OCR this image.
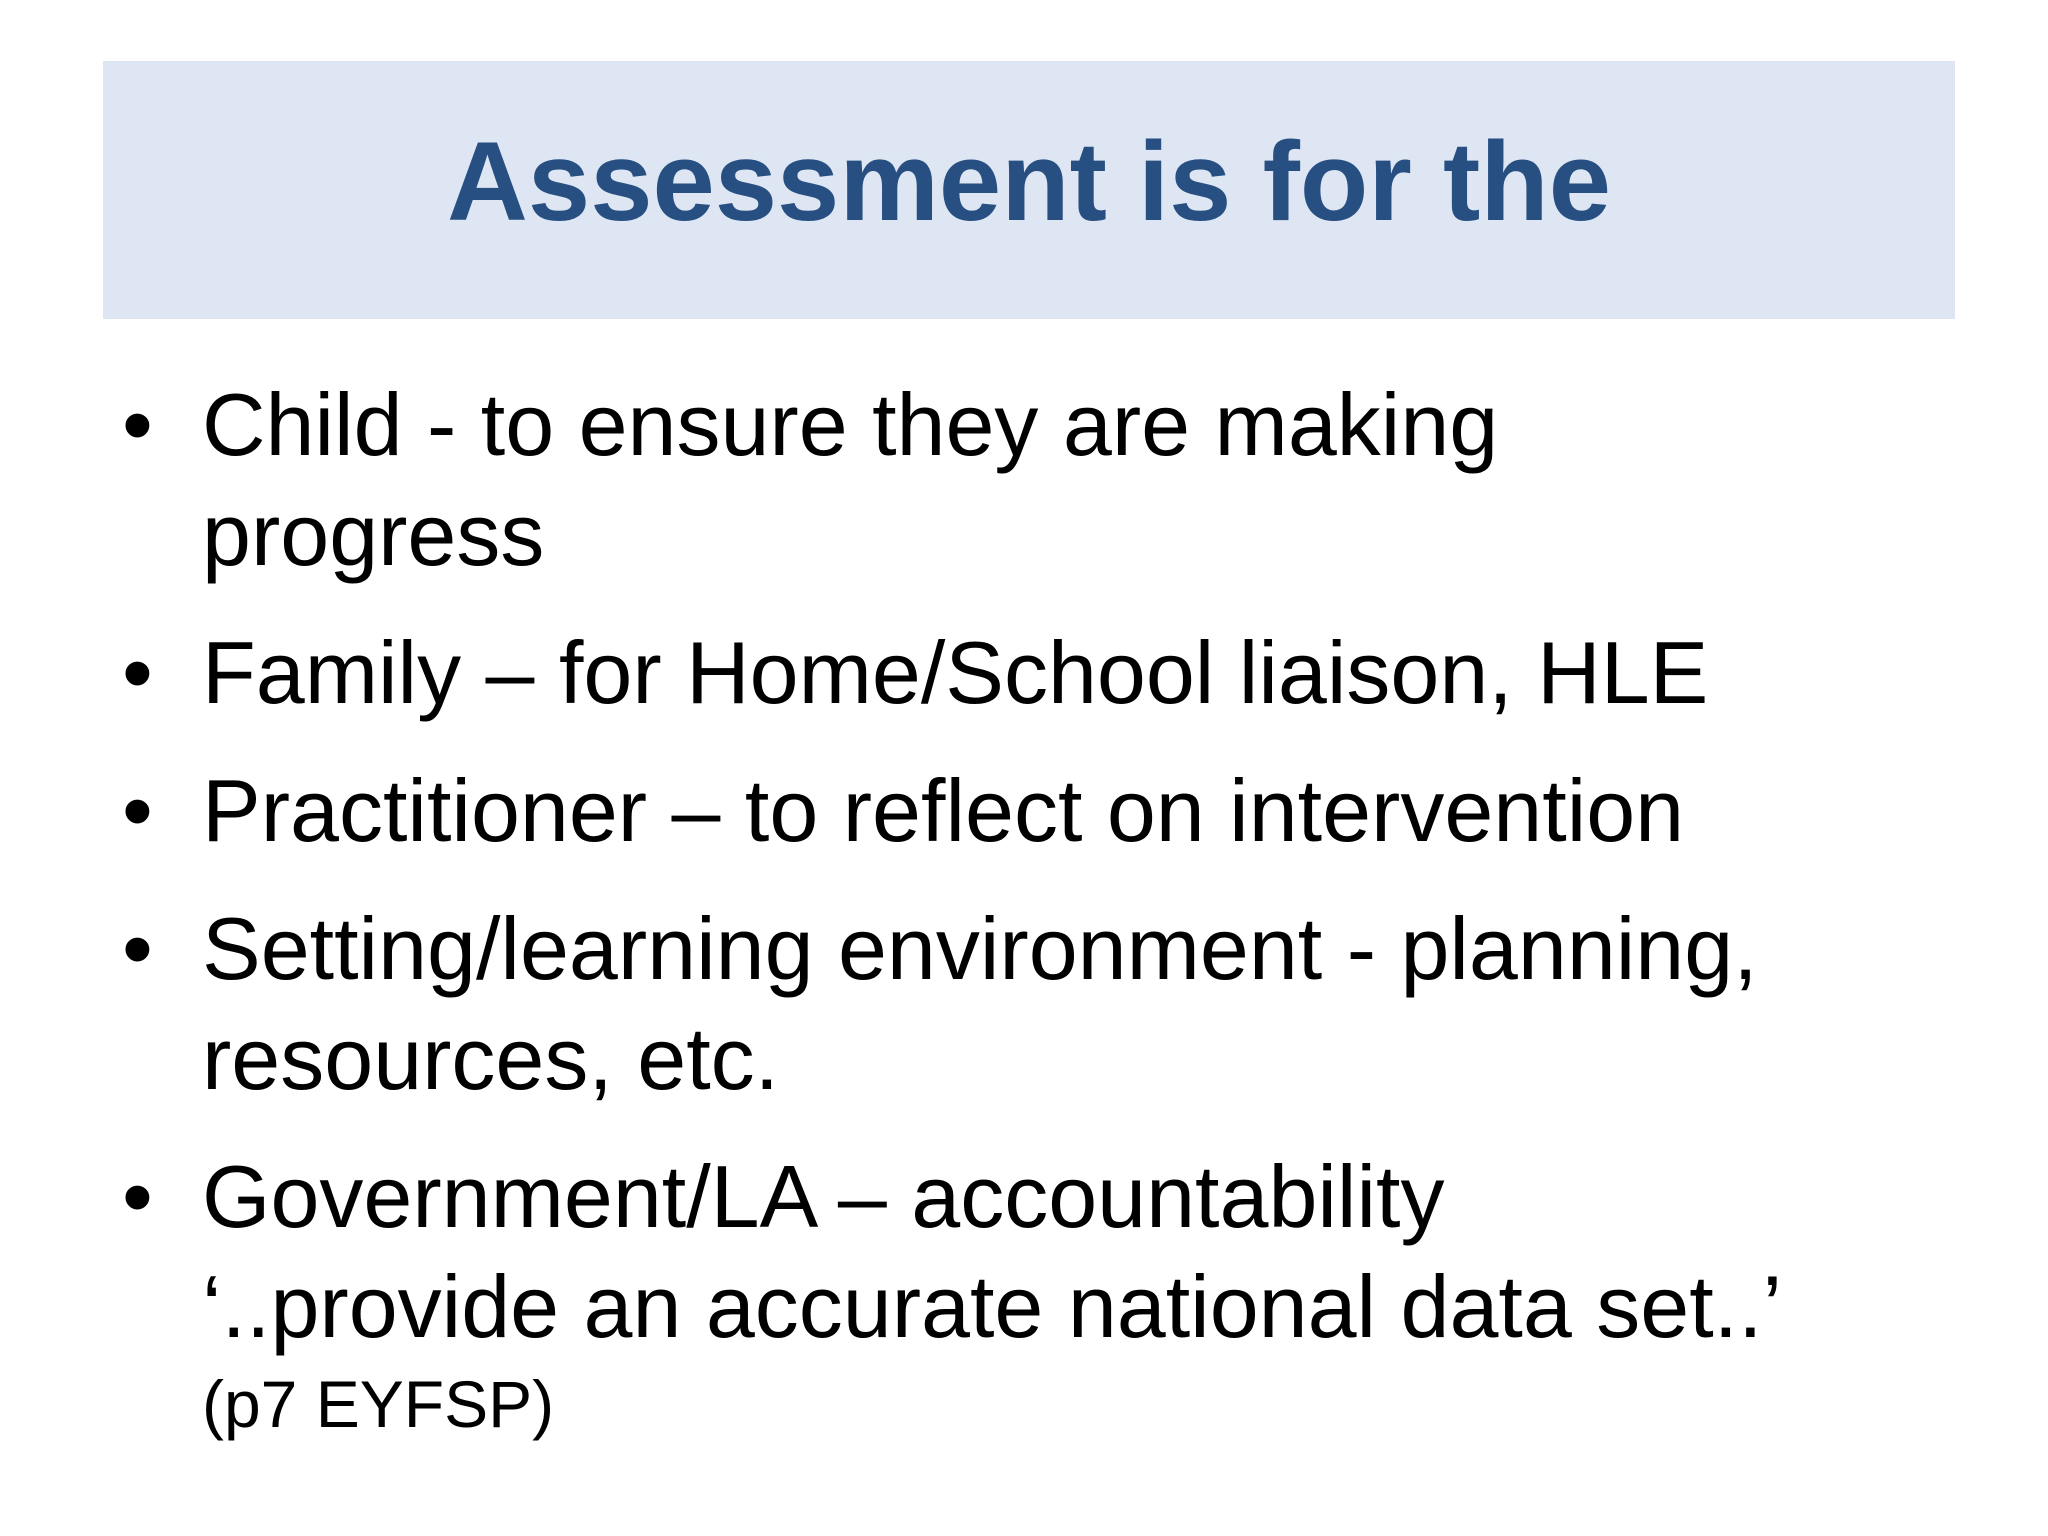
Assessment is for the
• Child - to ensure they are making
progress
• Family – for Home/School liaison, HLE
• Practitioner – to reflect on intervention
• Setting/learning environment - planning,
resources, etc.
• Government/LA – accountability
‘..provide an accurate national data set..’
(p7 EYFSP)
